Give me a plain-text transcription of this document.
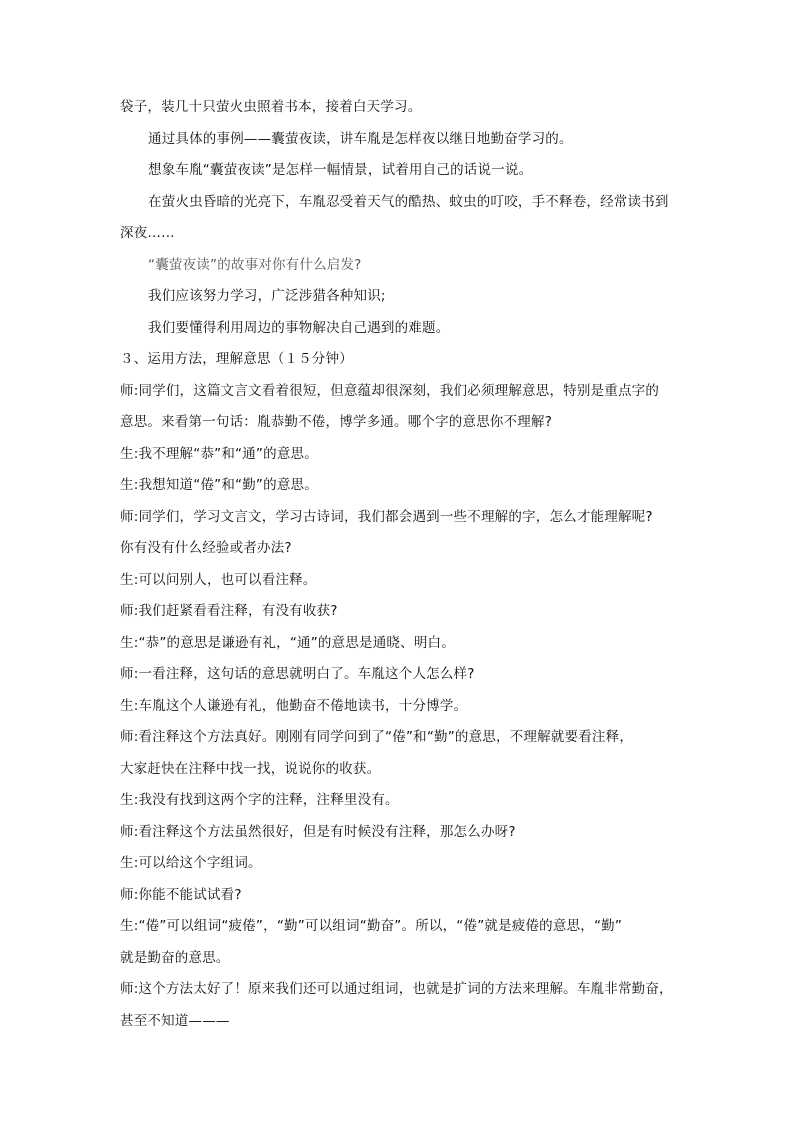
袋子，装几十只萤火虫照着书本，接着白天学习。
通过具体的事例——囊萤夜读，讲车胤是怎样夜以继日地勤奋学习的。
想象车胤“囊萤夜读”是怎样一幅情景，试着用自己的话说一说。
在萤火虫昏暗的光亮下，车胤忍受着天气的酷热、蚊虫的叮咬，手不释卷，经常读书到
深夜……
“囊萤夜读”的故事对你有什么启发?
我们应该努力学习，广泛涉猎各种知识;
我们要懂得利用周边的事物解决自己遇到的难题。
３、运用方法，理解意思（１５分钟）
师:同学们，这篇文言文看着很短，但意蕴却很深刻，我们必须理解意思，特别是重点字的
意思。来看第一句话：胤恭勤不倦，博学多通。哪个字的意思你不理解?
生:我不理解“恭”和“通”的意思。
生:我想知道“倦”和“勤”的意思。
师:同学们，学习文言文，学习古诗词，我们都会遇到一些不理解的字，怎么才能理解呢?
你有没有什么经验或者办法?
生:可以问别人，也可以看注释。
师:我们赶紧看看注释，有没有收获?
生:“恭”的意思是谦逊有礼，“通”的意思是通晓、明白。
师:一看注释，这句话的意思就明白了。车胤这个人怎么样?
生:车胤这个人谦逊有礼，他勤奋不倦地读书，十分博学。
师:看注释这个方法真好。刚刚有同学问到了“倦”和“勤”的意思，不理解就要看注释，
大家赶快在注释中找一找，说说你的收获。
生:我没有找到这两个字的注释，注释里没有。
师:看注释这个方法虽然很好，但是有时候没有注释，那怎么办呀?
生:可以给这个字组词。
师:你能不能试试看?
生:“倦”可以组词“疲倦”，“勤”可以组词“勤奋”。所以，“倦”就是疲倦的意思，“勤”
就是勤奋的意思。
师:这个方法太好了！原来我们还可以通过组词，也就是扩词的方法来理解。车胤非常勤奋，
甚至不知道———
